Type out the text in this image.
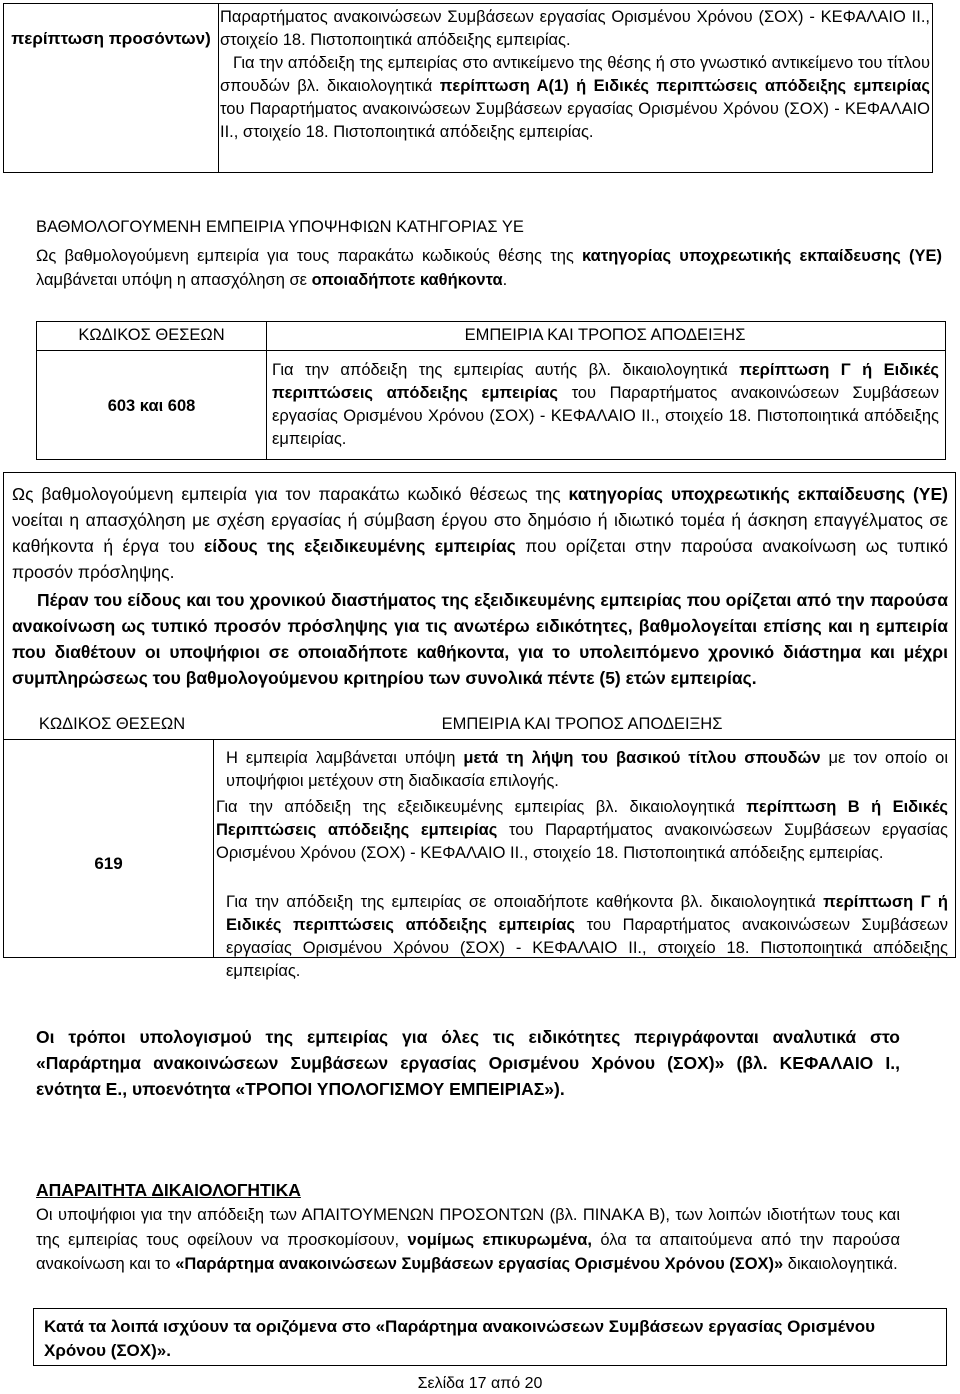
περίπτωση προσόντων)

Παραρτήματος ανακοινώσεων Συμβάσεων εργασίας Ορισμένου Χρόνου (ΣΟΧ) - ΚΕΦΑΛΑΙΟ ΙΙ., στοιχείο 18. Πιστοποιητικά απόδειξης εμπειρίας.

Για την απόδειξη της εμπειρίας στο αντικείμενο της θέσης ή στο γνωστικό αντικείμενο του τίτλου σπουδών βλ. δικαιολογητικά περίπτωση Α(1) ή Ειδικές περιπτώσεις απόδειξης εμπειρίας του Παραρτήματος ανακοινώσεων Συμβάσεων εργασίας Ορισμένου Χρόνου (ΣΟΧ) - ΚΕΦΑΛΑΙΟ ΙΙ., στοιχείο 18. Πιστοποιητικά απόδειξης εμπειρίας.

ΒΑΘΜΟΛΟΓΟΥΜΕΝΗ ΕΜΠΕΙΡΙΑ ΥΠΟΨΗΦΙΩΝ ΚΑΤΗΓΟΡΙΑΣ ΥΕ
Ως βαθμολογούμενη εμπειρία για τους παρακάτω κωδικούς θέσης της κατηγορίας υποχρεωτικής εκπαίδευσης (ΥΕ) λαμβάνεται υπόψη η απασχόληση σε οποιαδήποτε καθήκοντα.
ΚΩΔΙΚΟΣ ΘΕΣΕΩΝ	ΕΜΠΕΙΡΙΑ ΚΑΙ ΤΡΟΠΟΣ ΑΠΟΔΕΙΞΗΣ
603 και 608
Για την απόδειξη της εμπειρίας αυτής βλ. δικαιολογητικά περίπτωση Γ ή Ειδικές περιπτώσεις απόδειξης εμπειρίας του Παραρτήματος ανακοινώσεων Συμβάσεων εργασίας Ορισμένου Χρόνου (ΣΟΧ) - ΚΕΦΑΛΑΙΟ ΙΙ., στοιχείο 18. Πιστοποιητικά απόδειξης εμπειρίας.
Ως βαθμολογούμενη εμπειρία για τον παρακάτω κωδικό θέσεως της κατηγορίας υποχρεωτικής εκπαίδευσης (ΥΕ) νοείται η απασχόληση με σχέση εργασίας ή σύμβαση έργου στο δημόσιο ή ιδιωτικό τομέα ή άσκηση επαγγέλματος σε καθήκοντα ή έργα του είδους της εξειδικευμένης εμπειρίας που ορίζεται στην παρούσα ανακοίνωση ως τυπικό προσόν πρόσληψης.
Πέραν του είδους και του χρονικού διαστήματος της εξειδικευμένης εμπειρίας που ορίζεται από την παρούσα ανακοίνωση ως τυπικό προσόν πρόσληψης για τις ανωτέρω ειδικότητες, βαθμολογείται επίσης και η εμπειρία που διαθέτουν οι υποψήφιοι σε οποιαδήποτε καθήκοντα, για το υπολειπόμενο χρονικό διάστημα και μέχρι συμπληρώσεως του βαθμολογούμενου κριτηρίου των συνολικά πέντε (5) ετών εμπειρίας.
ΚΩΔΙΚΟΣ ΘΕΣΕΩΝ	ΕΜΠΕΙΡΙΑ ΚΑΙ ΤΡΟΠΟΣ ΑΠΟΔΕΙΞΗΣ
619
Η εμπειρία λαμβάνεται υπόψη μετά τη λήψη του βασικού τίτλου σπουδών με τον οποίο οι υποψήφιοι μετέχουν στη διαδικασία επιλογής.
Για την απόδειξη της εξειδικευμένης εμπειρίας βλ. δικαιολογητικά περίπτωση Β ή Ειδικές Περιπτώσεις απόδειξης εμπειρίας του Παραρτήματος ανακοινώσεων Συμβάσεων εργασίας Ορισμένου Χρόνου (ΣΟΧ) - ΚΕΦΑΛΑΙΟ ΙΙ., στοιχείο 18. Πιστοποιητικά απόδειξης εμπειρίας.
Για την απόδειξη της εμπειρίας σε οποιαδήποτε καθήκοντα βλ. δικαιολογητικά περίπτωση Γ ή Ειδικές περιπτώσεις απόδειξης εμπειρίας του Παραρτήματος ανακοινώσεων Συμβάσεων εργασίας Ορισμένου Χρόνου (ΣΟΧ) - ΚΕΦΑΛΑΙΟ ΙΙ., στοιχείο 18. Πιστοποιητικά απόδειξης εμπειρίας.
Οι τρόποι υπολογισμού της εμπειρίας για όλες τις ειδικότητες περιγράφονται αναλυτικά στο «Παράρτημα ανακοινώσεων Συμβάσεων εργασίας Ορισμένου Χρόνου (ΣΟΧ)» (βλ. ΚΕΦΑΛΑΙΟ Ι., ενότητα Ε., υποενότητα «ΤΡΟΠΟΙ ΥΠΟΛΟΓΙΣΜΟΥ ΕΜΠΕΙΡΙΑΣ»).
ΑΠΑΡΑΙΤΗΤΑ ΔΙΚΑΙΟΛΟΓΗΤΙΚΑ
Οι υποψήφιοι για την απόδειξη των ΑΠΑΙΤΟΥΜΕΝΩΝ ΠΡΟΣΟΝΤΩΝ (βλ. ΠΙΝΑΚΑ Β), των λοιπών ιδιοτήτων τους και της εμπειρίας τους οφείλουν να προσκομίσουν, νομίμως επικυρωμένα, όλα τα απαιτούμενα από την παρούσα ανακοίνωση και το «Παράρτημα ανακοινώσεων Συμβάσεων εργασίας Ορισμένου Χρόνου (ΣΟΧ)» δικαιολογητικά.
Κατά τα λοιπά ισχύουν τα οριζόμενα στο «Παράρτημα ανακοινώσεων Συμβάσεων εργασίας Ορισμένου Χρόνου (ΣΟΧ)».
Σελίδα 17 από 20
